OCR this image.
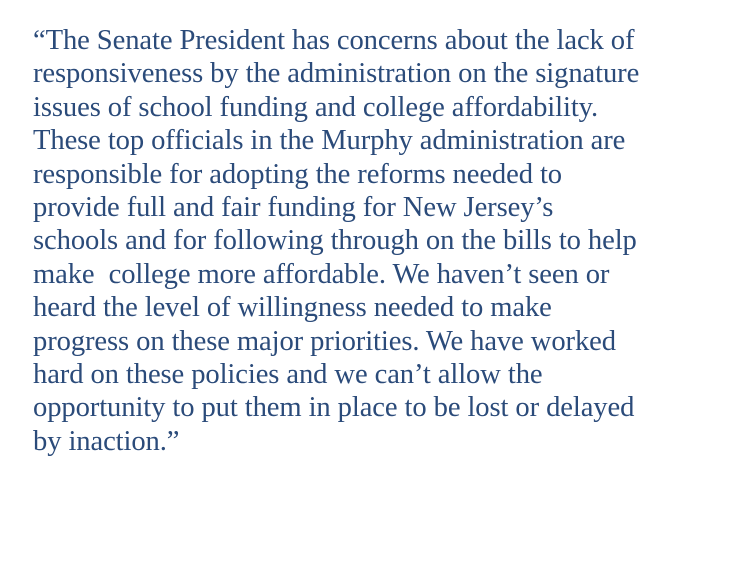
“The Senate President has concerns about the lack of
responsiveness by the administration on the signature
issues of school funding and college affordability.
These top officials in the Murphy administration are
responsible for adopting the reforms needed to
provide full and fair funding for New Jersey’s
schools and for following through on the bills to help
make  college more affordable. We haven’t seen or
heard the level of willingness needed to make
progress on these major priorities. We have worked
hard on these policies and we can’t allow the
opportunity to put them in place to be lost or delayed
by inaction.”
